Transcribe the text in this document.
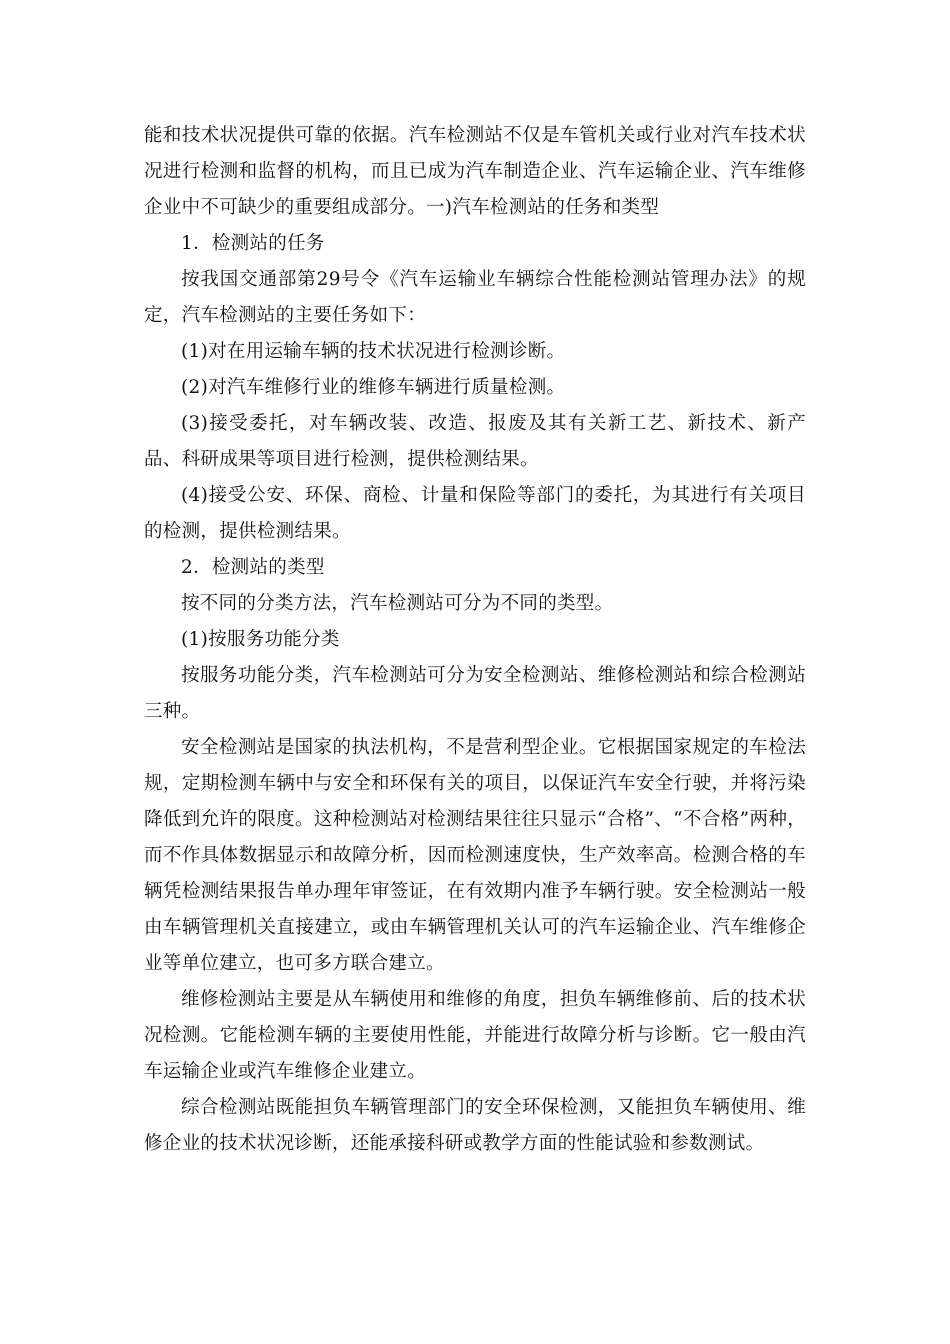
能和技术状况提供可靠的依据。汽车检测站不仅是车管机关或行业对汽车技术状况进行检测和监督的机构，而且已成为汽车制造企业、汽车运输企业、汽车维修企业中不可缺少的重要组成部分。一)汽车检测站的任务和类型

1．检测站的任务

按我国交通部第29号令《汽车运输业车辆综合性能检测站管理办法》的规定，汽车检测站的主要任务如下：

(1)对在用运输车辆的技术状况进行检测诊断。

(2)对汽车维修行业的维修车辆进行质量检测。

(3)接受委托，对车辆改装、改造、报废及其有关新工艺、新技术、新产品、科研成果等项目进行检测，提供检测结果。

(4)接受公安、环保、商检、计量和保险等部门的委托，为其进行有关项目的检测，提供检测结果。

2．检测站的类型

按不同的分类方法，汽车检测站可分为不同的类型。

(1)按服务功能分类

按服务功能分类，汽车检测站可分为安全检测站、维修检测站和综合检测站三种。

安全检测站是国家的执法机构，不是营利型企业。它根据国家规定的车检法规，定期检测车辆中与安全和环保有关的项目，以保证汽车安全行驶，并将污染降低到允许的限度。这种检测站对检测结果往往只显示“合格”、“不合格”两种，而不作具体数据显示和故障分析，因而检测速度快，生产效率高。检测合格的车辆凭检测结果报告单办理年审签证，在有效期内准予车辆行驶。安全检测站一般由车辆管理机关直接建立，或由车辆管理机关认可的汽车运输企业、汽车维修企业等单位建立，也可多方联合建立。

维修检测站主要是从车辆使用和维修的角度，担负车辆维修前、后的技术状况检测。它能检测车辆的主要使用性能，并能进行故障分析与诊断。它一般由汽车运输企业或汽车维修企业建立。

综合检测站既能担负车辆管理部门的安全环保检测，又能担负车辆使用、维修企业的技术状况诊断，还能承接科研或教学方面的性能试验和参数测试。
